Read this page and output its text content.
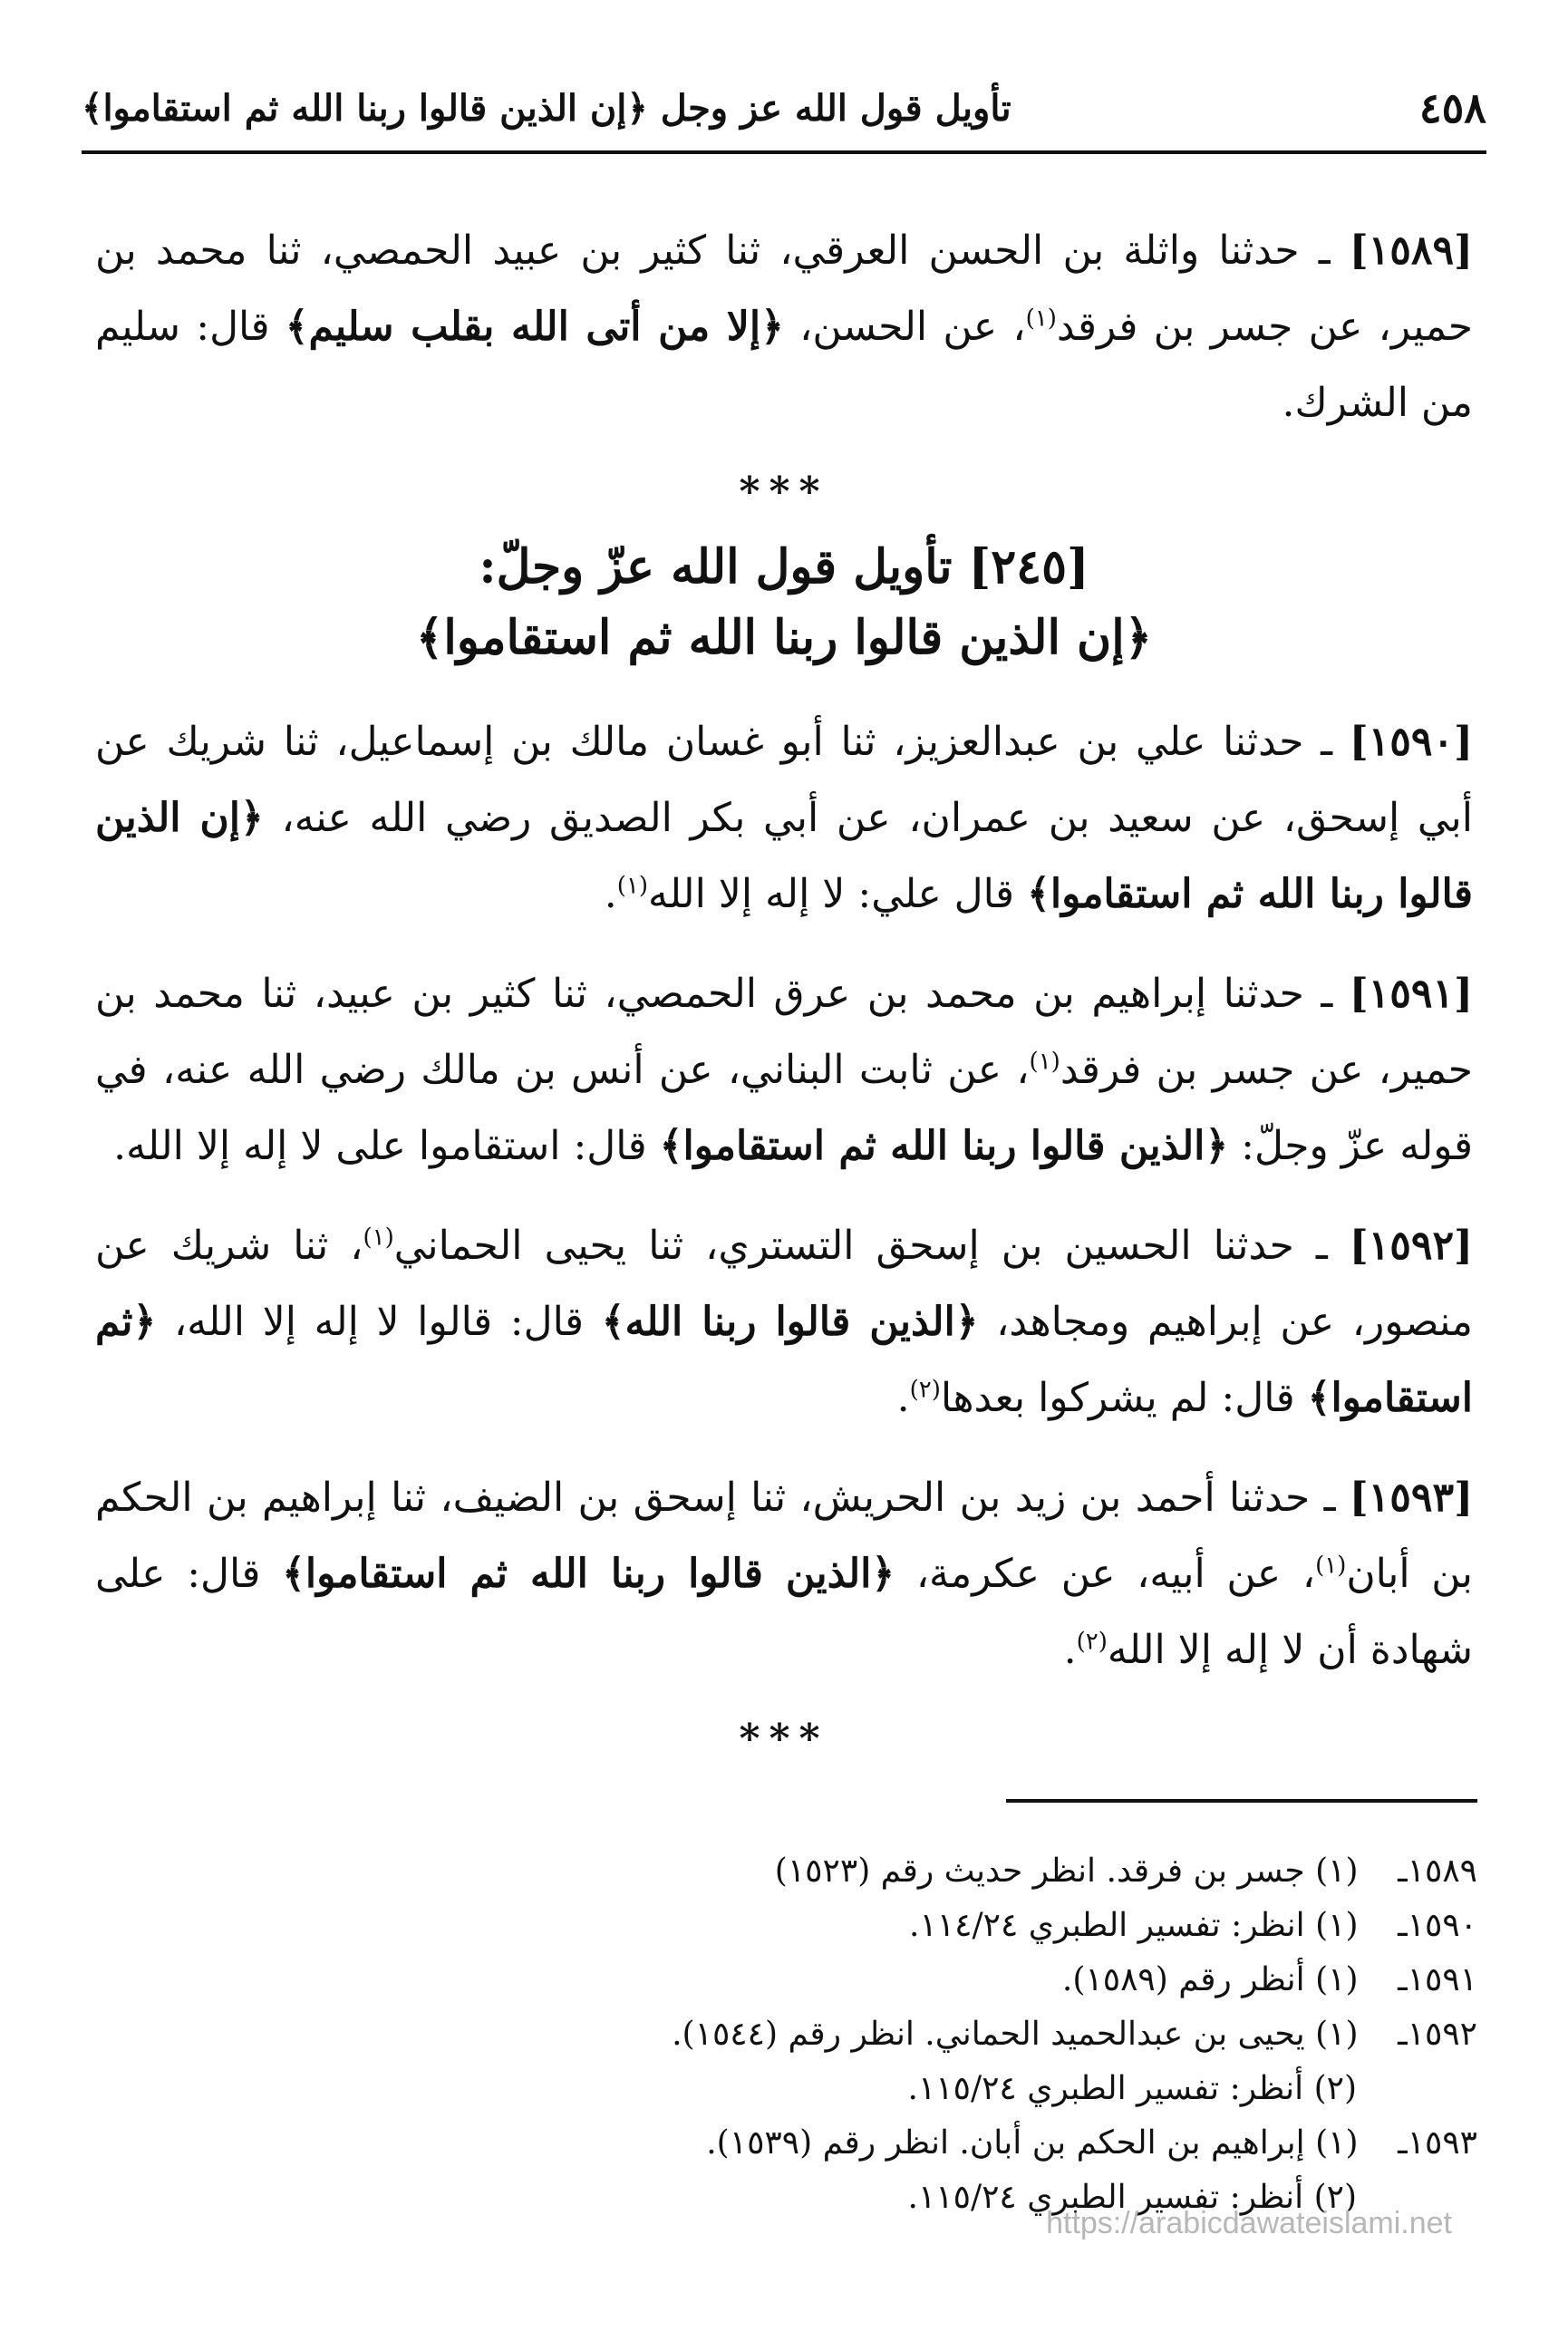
٤٥٨
تأويل قول الله عز وجل ﴿إن الذين قالوا ربنا الله ثم استقاموا﴾

[١٥٨٩] ـ حدثنا واثلة بن الحسن العرقي، ثنا كثير بن عبيد الحمصي، ثنا محمد بن حمير، عن جسر بن فرقد$^{(١)}$، عن الحسن، ﴿إلا من أتى الله بقلب سليم﴾ قال: سليم من الشرك.

***
[٢٤٥] تأويل قول الله عزّ وجلّ:
﴿إن الذين قالوا ربنا الله ثم استقاموا﴾

[١٥٩٠] ـ حدثنا علي بن عبدالعزيز، ثنا أبو غسان مالك بن إسماعيل، ثنا شريك عن أبي إسحق، عن سعيد بن عمران، عن أبي بكر الصديق رضي الله عنه، ﴿إن الذين قالوا ربنا الله ثم استقاموا﴾ قال علي: لا إله إلا الله$^{(١)}$.

[١٥٩١] ـ حدثنا إبراهيم بن محمد بن عرق الحمصي، ثنا كثير بن عبيد، ثنا محمد بن حمير، عن جسر بن فرقد$^{(١)}$، عن ثابت البناني، عن أنس بن مالك رضي الله عنه، في قوله عزّ وجلّ: ﴿الذين قالوا ربنا الله ثم استقاموا﴾ قال: استقاموا على لا إله إلا الله.

[١٥٩٢] ـ حدثنا الحسين بن إسحق التستري، ثنا يحيى الحماني$^{(١)}$، ثنا شريك عن منصور، عن إبراهيم ومجاهد، ﴿الذين قالوا ربنا الله﴾ قال: قالوا لا إله إلا الله، ﴿ثم استقاموا﴾ قال: لم يشركوا بعدها$^{(٢)}$.

[١٥٩٣] ـ حدثنا أحمد بن زيد بن الحريش، ثنا إسحق بن الضيف، ثنا إبراهيم بن الحكم بن أبان$^{(١)}$، عن أبيه، عن عكرمة، ﴿الذين قالوا ربنا الله ثم استقاموا﴾ قال: على شهادة أن لا إله إلا الله$^{(٢)}$.

***
١٥٨٩ـ (١) جسر بن فرقد. انظر حديث رقم (١٥٢٣)
١٥٩٠ـ (١) انظر: تفسير الطبري ١١٤/٢٤.
١٥٩١ـ (١) أنظر رقم (١٥٨٩).
١٥٩٢ـ (١) يحيى بن عبدالحميد الحماني. انظر رقم (١٥٤٤).
(٢) أنظر: تفسير الطبري ١١٥/٢٤.
١٥٩٣ـ (١) إبراهيم بن الحكم بن أبان. انظر رقم (١٥٣٩).
(٢) أنظر: تفسير الطبري ١١٥/٢٤.
https://arabicdawateislami.net
